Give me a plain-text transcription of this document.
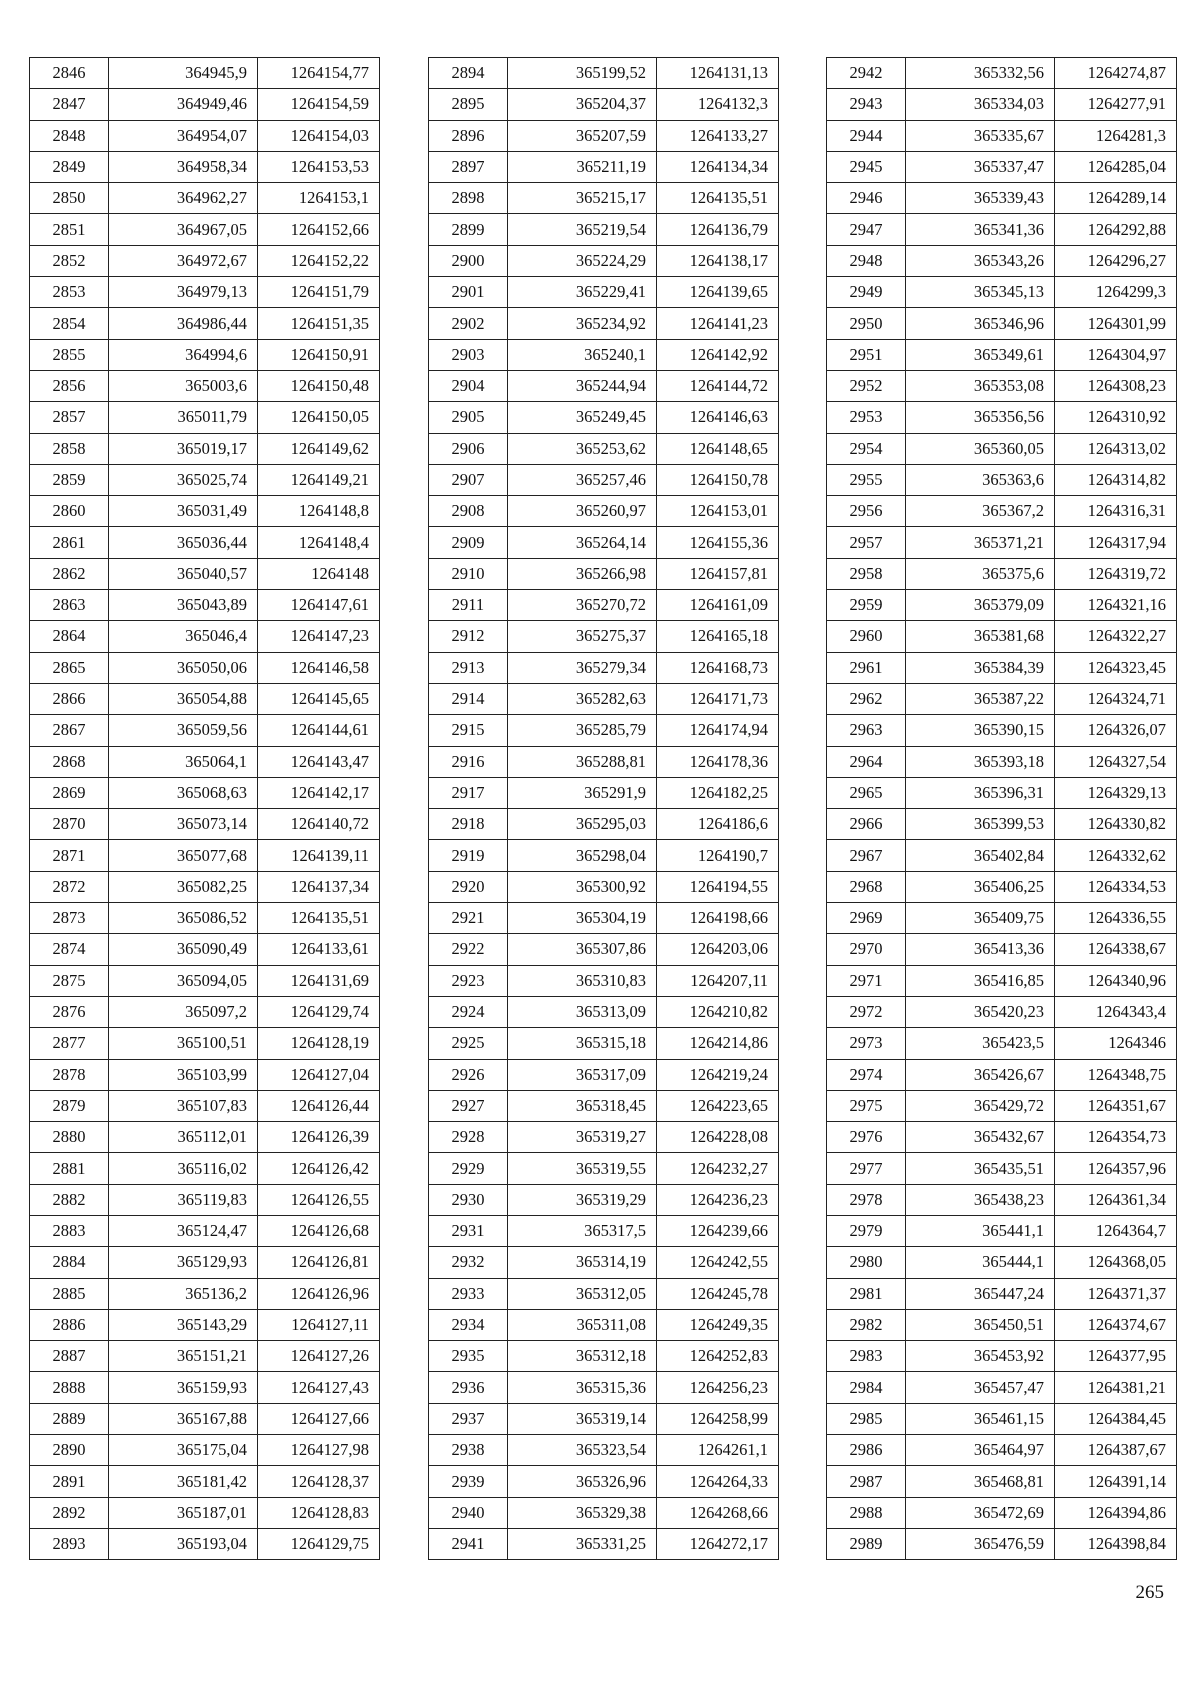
2846	364945,9	1264154,77
2847	364949,46	1264154,59
2848	364954,07	1264154,03
2849	364958,34	1264153,53
2850	364962,27	1264153,1
2851	364967,05	1264152,66
2852	364972,67	1264152,22
2853	364979,13	1264151,79
2854	364986,44	1264151,35
2855	364994,6	1264150,91
2856	365003,6	1264150,48
2857	365011,79	1264150,05
2858	365019,17	1264149,62
2859	365025,74	1264149,21
2860	365031,49	1264148,8
2861	365036,44	1264148,4
2862	365040,57	1264148
2863	365043,89	1264147,61
2864	365046,4	1264147,23
2865	365050,06	1264146,58
2866	365054,88	1264145,65
2867	365059,56	1264144,61
2868	365064,1	1264143,47
2869	365068,63	1264142,17
2870	365073,14	1264140,72
2871	365077,68	1264139,11
2872	365082,25	1264137,34
2873	365086,52	1264135,51
2874	365090,49	1264133,61
2875	365094,05	1264131,69
2876	365097,2	1264129,74
2877	365100,51	1264128,19
2878	365103,99	1264127,04
2879	365107,83	1264126,44
2880	365112,01	1264126,39
2881	365116,02	1264126,42
2882	365119,83	1264126,55
2883	365124,47	1264126,68
2884	365129,93	1264126,81
2885	365136,2	1264126,96
2886	365143,29	1264127,11
2887	365151,21	1264127,26
2888	365159,93	1264127,43
2889	365167,88	1264127,66
2890	365175,04	1264127,98
2891	365181,42	1264128,37
2892	365187,01	1264128,83
2893	365193,04	1264129,75
2894	365199,52	1264131,13
2895	365204,37	1264132,3
2896	365207,59	1264133,27
2897	365211,19	1264134,34
2898	365215,17	1264135,51
2899	365219,54	1264136,79
2900	365224,29	1264138,17
2901	365229,41	1264139,65
2902	365234,92	1264141,23
2903	365240,1	1264142,92
2904	365244,94	1264144,72
2905	365249,45	1264146,63
2906	365253,62	1264148,65
2907	365257,46	1264150,78
2908	365260,97	1264153,01
2909	365264,14	1264155,36
2910	365266,98	1264157,81
2911	365270,72	1264161,09
2912	365275,37	1264165,18
2913	365279,34	1264168,73
2914	365282,63	1264171,73
2915	365285,79	1264174,94
2916	365288,81	1264178,36
2917	365291,9	1264182,25
2918	365295,03	1264186,6
2919	365298,04	1264190,7
2920	365300,92	1264194,55
2921	365304,19	1264198,66
2922	365307,86	1264203,06
2923	365310,83	1264207,11
2924	365313,09	1264210,82
2925	365315,18	1264214,86
2926	365317,09	1264219,24
2927	365318,45	1264223,65
2928	365319,27	1264228,08
2929	365319,55	1264232,27
2930	365319,29	1264236,23
2931	365317,5	1264239,66
2932	365314,19	1264242,55
2933	365312,05	1264245,78
2934	365311,08	1264249,35
2935	365312,18	1264252,83
2936	365315,36	1264256,23
2937	365319,14	1264258,99
2938	365323,54	1264261,1
2939	365326,96	1264264,33
2940	365329,38	1264268,66
2941	365331,25	1264272,17
2942	365332,56	1264274,87
2943	365334,03	1264277,91
2944	365335,67	1264281,3
2945	365337,47	1264285,04
2946	365339,43	1264289,14
2947	365341,36	1264292,88
2948	365343,26	1264296,27
2949	365345,13	1264299,3
2950	365346,96	1264301,99
2951	365349,61	1264304,97
2952	365353,08	1264308,23
2953	365356,56	1264310,92
2954	365360,05	1264313,02
2955	365363,6	1264314,82
2956	365367,2	1264316,31
2957	365371,21	1264317,94
2958	365375,6	1264319,72
2959	365379,09	1264321,16
2960	365381,68	1264322,27
2961	365384,39	1264323,45
2962	365387,22	1264324,71
2963	365390,15	1264326,07
2964	365393,18	1264327,54
2965	365396,31	1264329,13
2966	365399,53	1264330,82
2967	365402,84	1264332,62
2968	365406,25	1264334,53
2969	365409,75	1264336,55
2970	365413,36	1264338,67
2971	365416,85	1264340,96
2972	365420,23	1264343,4
2973	365423,5	1264346
2974	365426,67	1264348,75
2975	365429,72	1264351,67
2976	365432,67	1264354,73
2977	365435,51	1264357,96
2978	365438,23	1264361,34
2979	365441,1	1264364,7
2980	365444,1	1264368,05
2981	365447,24	1264371,37
2982	365450,51	1264374,67
2983	365453,92	1264377,95
2984	365457,47	1264381,21
2985	365461,15	1264384,45
2986	365464,97	1264387,67
2987	365468,81	1264391,14
2988	365472,69	1264394,86
2989	365476,59	1264398,84
265
